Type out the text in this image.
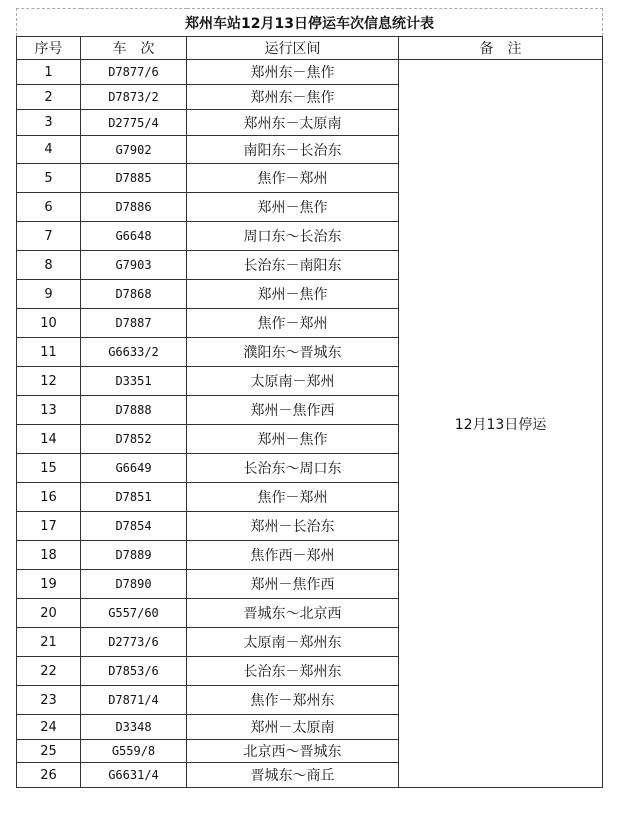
郑州车站12月13日停运车次信息统计表			
序号	车　次	运行区间	备　注
1	D7877/6	郑州东－焦作	12月13日停运
2	D7873/2	郑州东－焦作	
3	D2775/4	郑州东－太原南	
4	G7902	南阳东－长治东	
5	D7885	焦作－郑州	
6	D7886	郑州－焦作	
7	G6648	周口东～长治东	
8	G7903	长治东－南阳东	
9	D7868	郑州－焦作	
10	D7887	焦作－郑州	
11	G6633/2	濮阳东～晋城东	
12	D3351	太原南－郑州	
13	D7888	郑州－焦作西	
14	D7852	郑州－焦作	
15	G6649	长治东～周口东	
16	D7851	焦作－郑州	
17	D7854	郑州－长治东	
18	D7889	焦作西－郑州	
19	D7890	郑州－焦作西	
20	G557/60	晋城东～北京西	
21	D2773/6	太原南－郑州东	
22	D7853/6	长治东－郑州东	
23	D7871/4	焦作－郑州东	
24	D3348	郑州－太原南	
25	G559/8	北京西～晋城东	
26	G6631/4	晋城东～商丘	
